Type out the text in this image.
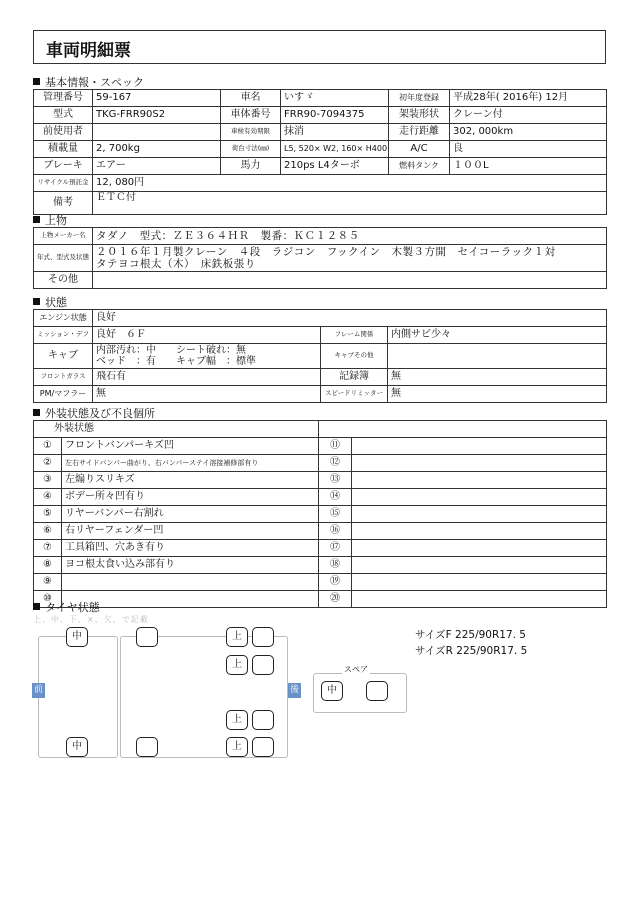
車両明細票
基本情報・スペック
管理番号	59-167	車名	いすゞ	初年度登録	平成28年( 2016年) 12月
型式	TKG-FRR90S2	車体番号	FRR90-7094375	架装形状	クレーン付
前使用者		車検有効期限	抹消	走行距離	302, 000km
積載量	2, 700kg	荷台寸法(㎜)	L5, 520× W2, 160× H400	A/C	良
ブレーキ	エアー	馬力	210ps L4ターボ	燃料タンク	１００L
リサイクル預託金	12, 080円				
備考	ＥＴＣ付				
上物
上物メーカー名	タダノ　型式：ＺＥ３６４ＨＲ　製番：ＫＣ１２８５
年式、型式及状態	２０１６年１月製クレーン　４段　ラジコン　フックイン　木製３方開　セイコーラック１対
タテヨコ根太（木）　床鉄板張り

その他	
状態
エンジン状態	良好		
ミッション・デフ	良好　６Ｆ	フレーム関係	内側サビ少々
キャブ	内部汚れ：中　　シート破れ：無
ベッド　：有　　キャブ幅　：標準	キャブその他	
フロントガラス	飛石有	記録簿	無
PM/マフラー	無	スピードリミッター	無
外装状態及び不良個所
外装状態			
①	フロントバンパーキズ凹	⑪	
②	左右サイドバンパー曲がり、右バンパーステイ溶接補修部有り	⑫	
③	左煽りスリキズ	⑬	
④	ボデー所々凹有り	⑭	
⑤	リヤーバンパー右割れ	⑮	
⑥	右リヤーフェンダー凹	⑯	
⑦	工具箱凹、穴あき有り	⑰	
⑧	ヨコ根太食い込み部有り	⑱	
⑨		⑲	
⑩		⑳	
タイヤ状態
上、中、下、×、欠、で記載
前	後
スペア
中
中
上
上
上
上
中
サイズF 225/90R17. 5
サイズR 225/90R17. 5
